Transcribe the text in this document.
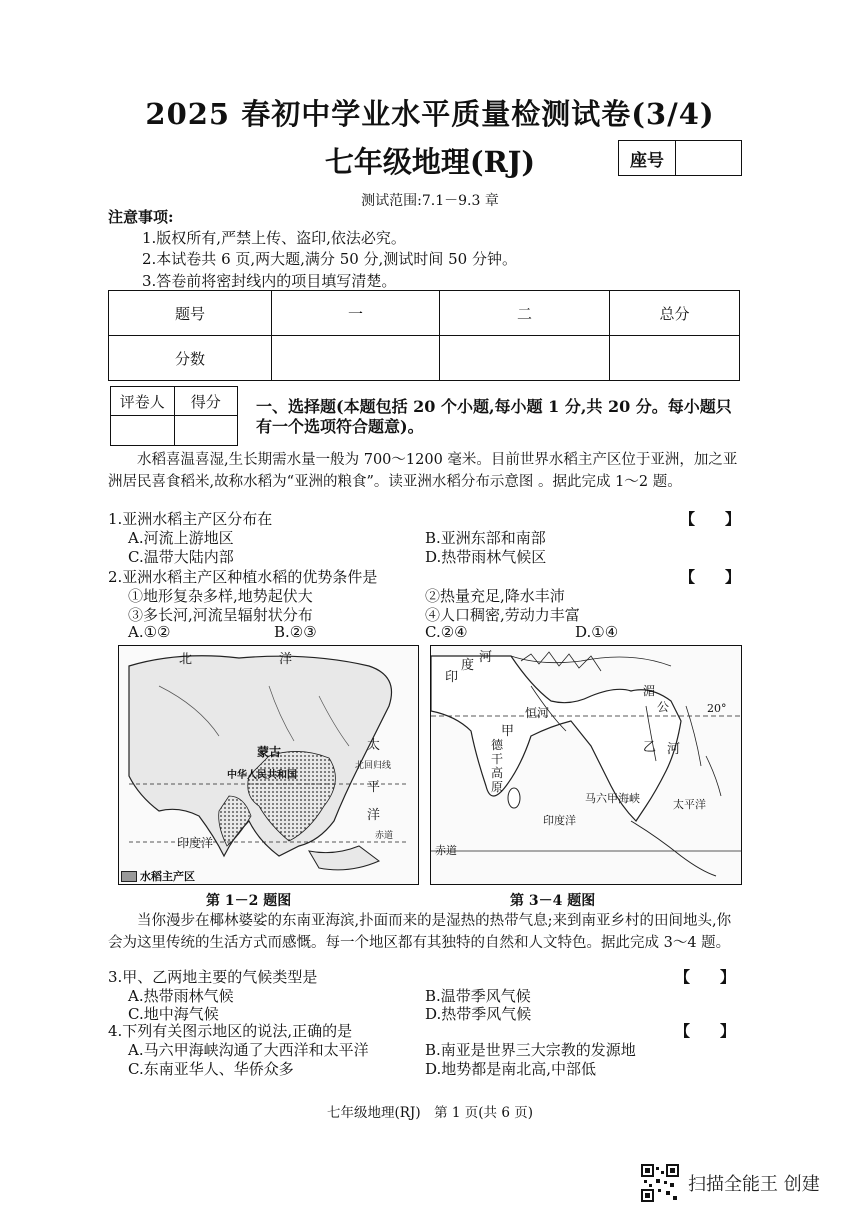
2025 春初中学业水平质量检测试卷(3/4)
七年级地理(RJ)	座号
测试范围:7.1－9.3 章
注意事项:
1.版权所有,严禁上传、盗印,依法必究。
2.本试卷共 6 页,两大题,满分 50 分,测试时间 50 分钟。
3.答卷前将密封线内的项目填写清楚。
题号	一	二	总分
分数			
评卷人	得分
	一、选择题(本题包括 20 个小题,每小题 1 分,共 20 分。每小题只有一个选项符合题意)。
水稻喜温喜湿,生长期需水量一般为 700～1200 毫米。目前世界水稻主产区位于亚洲，加之亚洲居民喜食稻米,故称水稻为“亚洲的粮食”。读亚洲水稻分布示意图 。据此完成 1～2 题。
1.亚洲水稻主产区分布在	【　　】
A.河流上游地区	B.亚洲东部和南部
C.温带大陆内部	D.热带雨林气候区
2.亚洲水稻主产区种植水稻的优势条件是	【　　】
①地形复杂多样,地势起伏大	②热量充足,降水丰沛
③多长河,河流呈辐射状分布	④人口稠密,劳动力丰富
A.①②	B.②③	C.②④	D.①④
北	洋
蒙古
中华人民共和国
太
平
洋
北回归线
赤道
印度洋
水稻主产区
第 1－2 题图
印
度
河
恒河
甲
德
干
高
原
印度洋
马六甲海峡	太平洋
赤道
20°
乙 河
湄
公
第 3－4 题图
当你漫步在椰林婆娑的东南亚海滨,扑面而来的是湿热的热带气息;来到南亚乡村的田间地头,你会为这里传统的生活方式而感慨。每一个地区都有其独特的自然和人文特色。据此完成 3～4 题。
3.甲、乙两地主要的气候类型是	【　　】
A.热带雨林气候	B.温带季风气候
C.地中海气候	D.热带季风气候
4.下列有关图示地区的说法,正确的是	【　　】
A.马六甲海峡沟通了大西洋和太平洋	B.南亚是世界三大宗教的发源地
C.东南亚华人、华侨众多	D.地势都是南北高,中部低
七年级地理(RJ)　第 1 页(共 6 页)
扫描全能王 创建
